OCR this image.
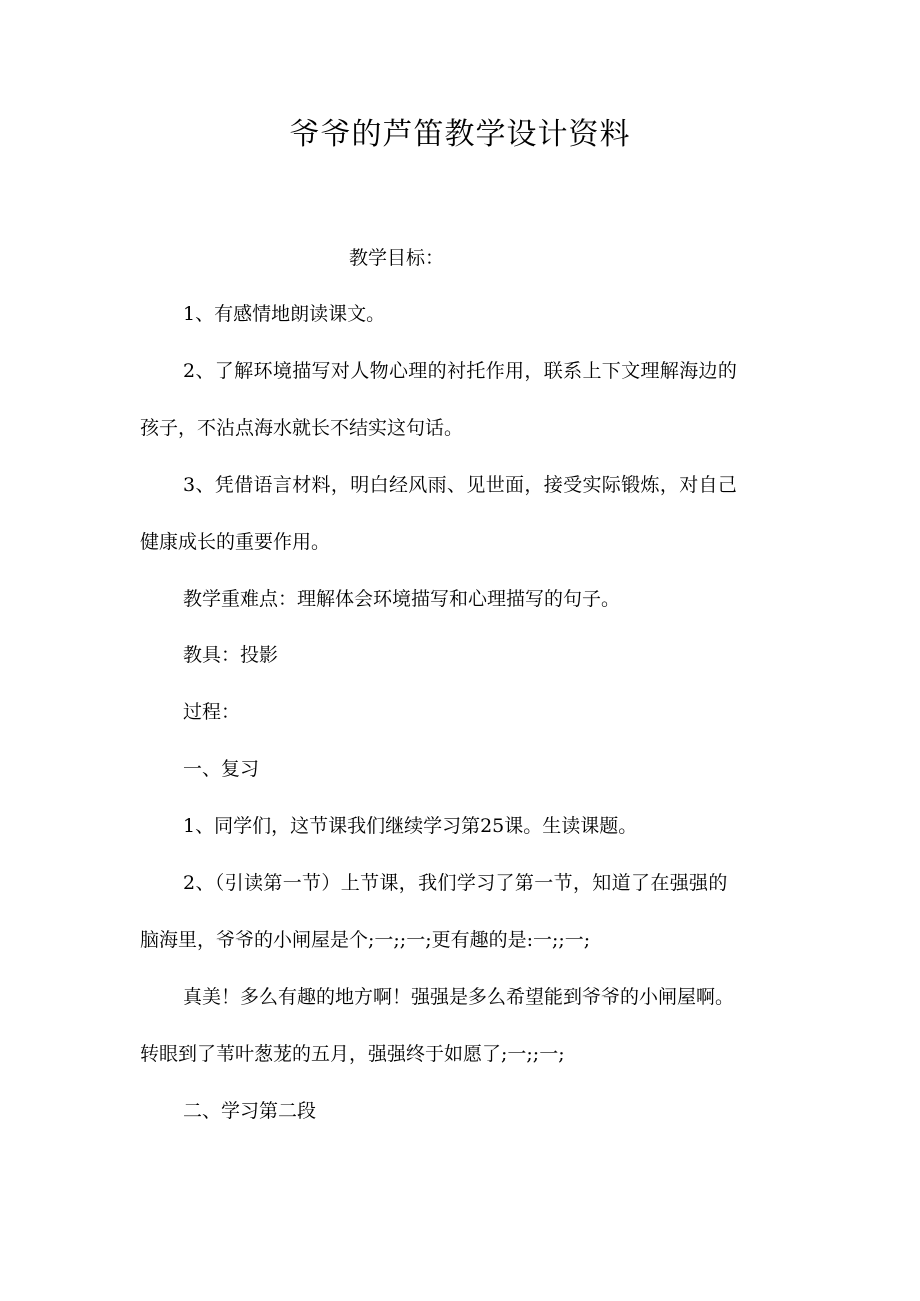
爷爷的芦笛教学设计资料
教学目标：
1、有感情地朗读课文。
2、了解环境描写对人物心理的衬托作用，联系上下文理解海边的
孩子，不沾点海水就长不结实这句话。
3、凭借语言材料，明白经风雨、见世面，接受实际锻炼，对自己
健康成长的重要作用。
教学重难点：理解体会环境描写和心理描写的句子。
教具：投影
过程：
一、复习
1、同学们，这节课我们继续学习第25课。生读课题。
2、（引读第一节）上节课，我们学习了第一节，知道了在强强的
脑海里，爷爷的小闸屋是个;一;;一;更有趣的是:一;;一;
真美！多么有趣的地方啊！强强是多么希望能到爷爷的小闸屋啊。
转眼到了苇叶葱茏的五月，强强终于如愿了;一;;一;
二、学习第二段
